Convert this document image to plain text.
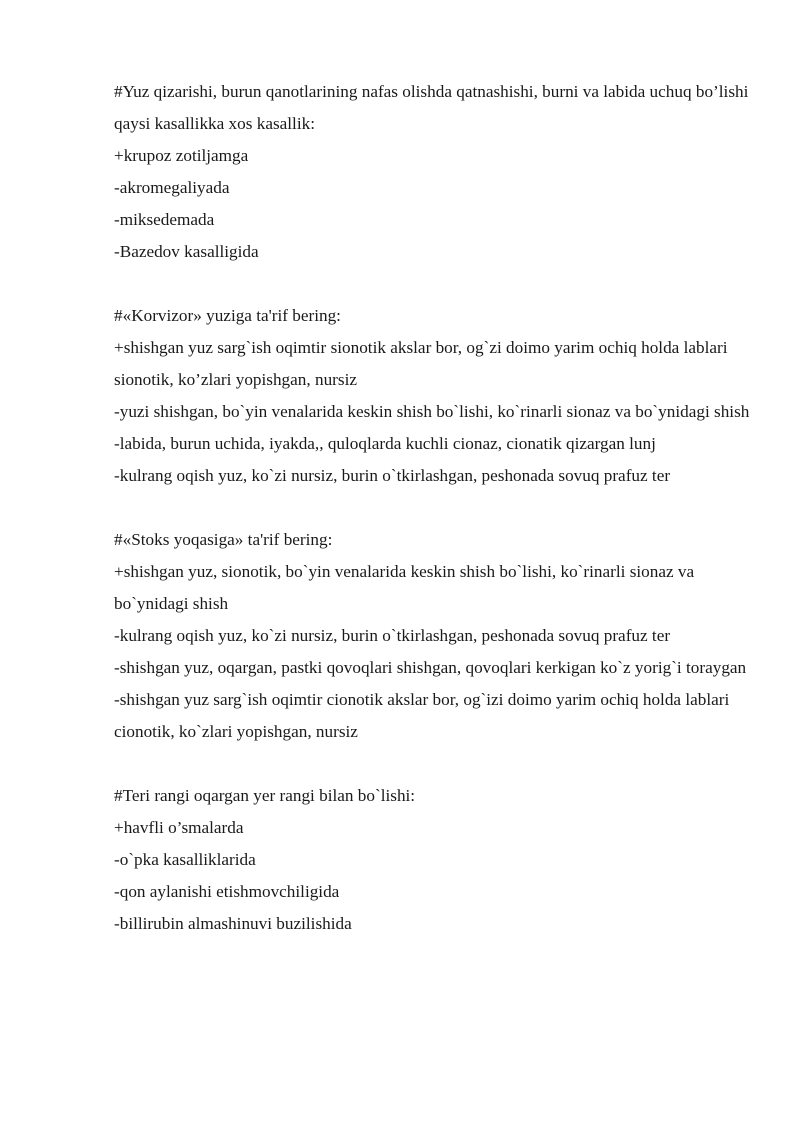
#Yuz qizarishi, burun qanotlarining nafas olishda qatnashishi, burni va labida uchuq bo’lishi qaysi kasallikka xos kasallik:
+krupoz zotiljamga
-akromegaliyada
-miksedemada
-Bazedov kasalligida
#«Korvizor» yuziga ta'rif bering:
+shishgan yuz sarg`ish oqimtir sionotik akslar bor, og`zi doimo yarim ochiq holda lablari sionotik, ko’zlari yopishgan, nursiz
-yuzi shishgan, bo`yin venalarida keskin shish bo`lishi, ko`rinarli sionaz va bo`ynidagi shish
-labida, burun uchida, iyakda,, quloqlarda kuchli cionaz, cionatik qizargan lunj
-kulrang oqish yuz, ko`zi nursiz, burin o`tkirlashgan, peshonada sovuq prafuz ter
#«Stoks yoqasiga» ta'rif bering:
+shishgan yuz, sionotik, bo`yin venalarida keskin shish bo`lishi, ko`rinarli sionaz va bo`ynidagi shish
-kulrang oqish yuz, ko`zi nursiz, burin o`tkirlashgan, peshonada sovuq prafuz ter
-shishgan yuz, oqargan, pastki qovoqlari shishgan, qovoqlari kerkigan ko`z yorig`i toraygan
-shishgan yuz sarg`ish oqimtir cionotik akslar bor, og`izi doimo yarim ochiq holda lablari cionotik, ko`zlari yopishgan, nursiz
#Teri rangi oqargan yer rangi bilan bo`lishi:
+havfli o’smalarda
-o`pka kasalliklarida
-qon aylanishi etishmovchiligida
-billirubin almashinuvi buzilishida
